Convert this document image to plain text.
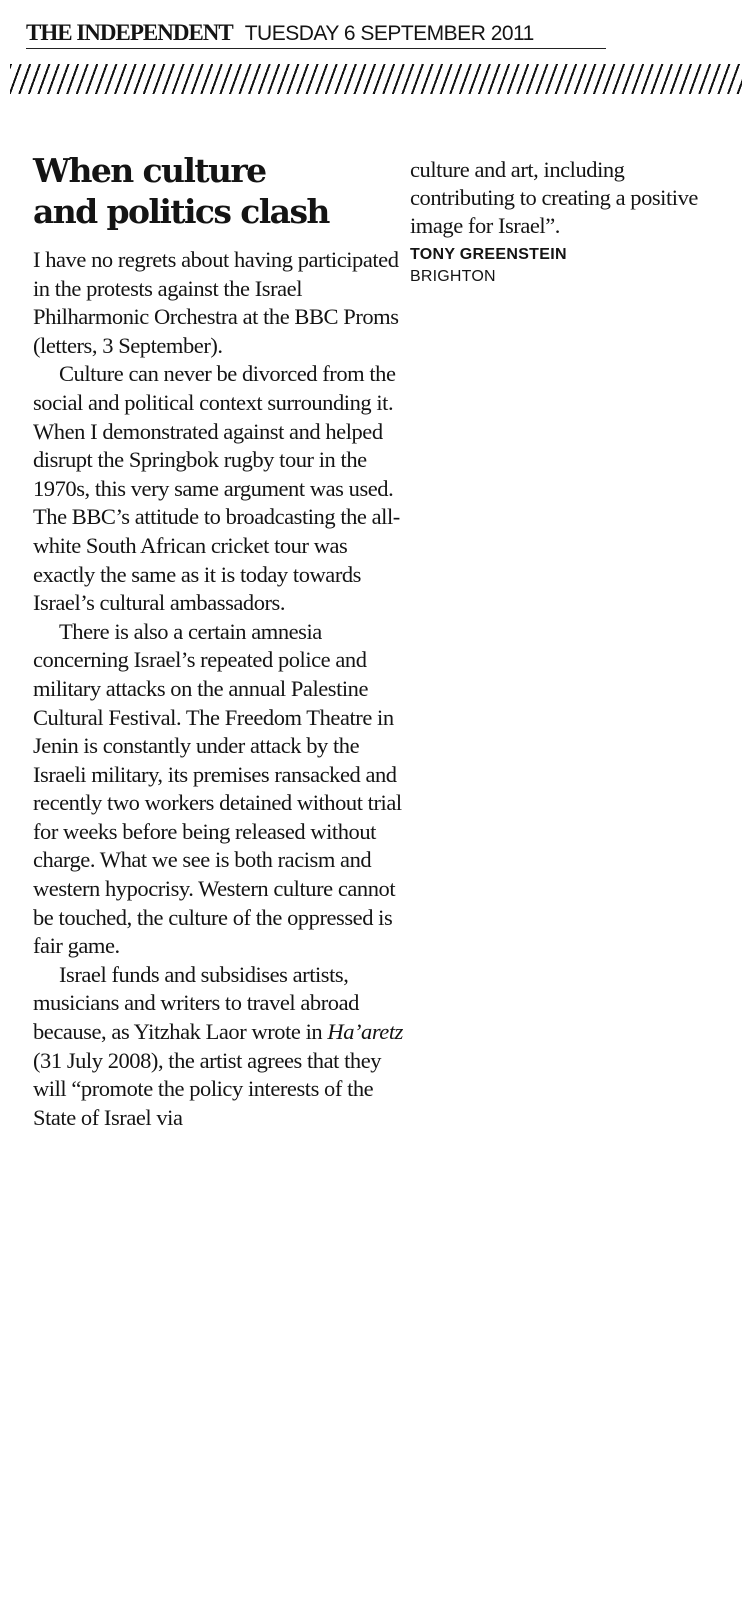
THE INDEPENDENT TUESDAY 6 SEPTEMBER 2011
When culture
and politics clash

I have no regrets about having participated in the protests against the Israel Philharmonic Orchestra at the BBC Proms (letters, 3 September).

Culture can never be divorced from the social and political context surrounding it. When I demonstrated against and helped disrupt the Springbok rugby tour in the 1970s, this very same argument was used. The BBC’s attitude to broadcasting the all-white South African cricket tour was exactly the same as it is today towards Israel’s cultural ambassadors.

There is also a certain amnesia concerning Israel’s repeated police and military attacks on the annual Palestine Cultural Festival. The Freedom Theatre in Jenin is constantly under attack by the Israeli military, its premises ransacked and recently two workers detained without trial for weeks before being released without charge. What we see is both racism and western hypocrisy. Western culture cannot be touched, the culture of the oppressed is fair game.

Israel funds and subsidises artists, musicians and writers to travel abroad because, as Yitzhak Laor wrote in Ha’aretz (31 July 2008), the artist agrees that they will “promote the policy interests of the State of Israel via

culture and art, including contributing to creating a positive image for Israel”.

TONY GREENSTEIN
BRIGHTON
